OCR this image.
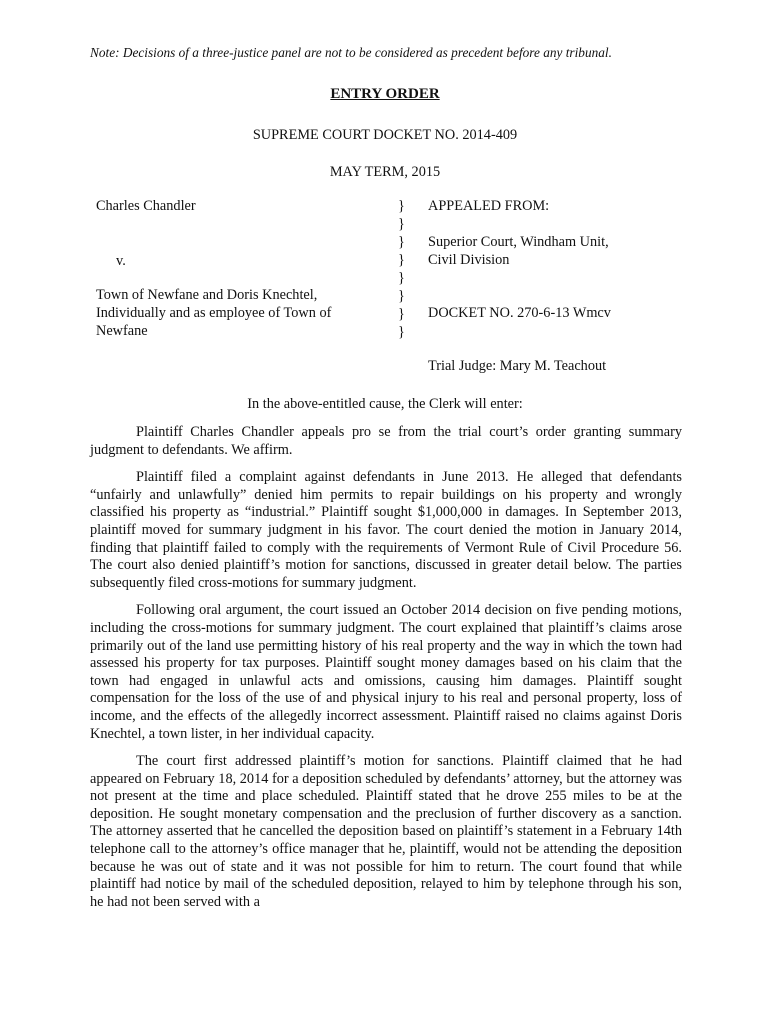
Note: Decisions of a three-justice panel are not to be considered as precedent before any tribunal.
ENTRY ORDER
SUPREME COURT DOCKET NO. 2014-409
MAY TERM, 2015
Charles Chandler
v.
Town of Newfane and Doris Knechtel,
Individually and as employee of Town of
Newfane
}
}
}
}
}
}
}
}
APPEALED FROM:
Superior Court, Windham Unit,
Civil Division
DOCKET NO. 270-6-13 Wmcv
Trial Judge: Mary M. Teachout
In the above-entitled cause, the Clerk will enter:

Plaintiff Charles Chandler appeals pro se from the trial court’s order granting summary judgment to defendants. We affirm.

Plaintiff filed a complaint against defendants in June 2013. He alleged that defendants “unfairly and unlawfully” denied him permits to repair buildings on his property and wrongly classified his property as “industrial.” Plaintiff sought $1,000,000 in damages. In September 2013, plaintiff moved for summary judgment in his favor. The court denied the motion in January 2014, finding that plaintiff failed to comply with the requirements of Vermont Rule of Civil Procedure 56. The court also denied plaintiff’s motion for sanctions, discussed in greater detail below. The parties subsequently filed cross-motions for summary judgment.

Following oral argument, the court issued an October 2014 decision on five pending motions, including the cross-motions for summary judgment. The court explained that plaintiff’s claims arose primarily out of the land use permitting history of his real property and the way in which the town had assessed his property for tax purposes. Plaintiff sought money damages based on his claim that the town had engaged in unlawful acts and omissions, causing him damages. Plaintiff sought compensation for the loss of the use of and physical injury to his real and personal property, loss of income, and the effects of the allegedly incorrect assessment. Plaintiff raised no claims against Doris Knechtel, a town lister, in her individual capacity.

The court first addressed plaintiff’s motion for sanctions. Plaintiff claimed that he had appeared on February 18, 2014 for a deposition scheduled by defendants’ attorney, but the attorney was not present at the time and place scheduled. Plaintiff stated that he drove 255 miles to be at the deposition. He sought monetary compensation and the preclusion of further discovery as a sanction. The attorney asserted that he cancelled the deposition based on plaintiff’s statement in a February 14th telephone call to the attorney’s office manager that he, plaintiff, would not be attending the deposition because he was out of state and it was not possible for him to return. The court found that while plaintiff had notice by mail of the scheduled deposition, relayed to him by telephone through his son, he had not been served with a
